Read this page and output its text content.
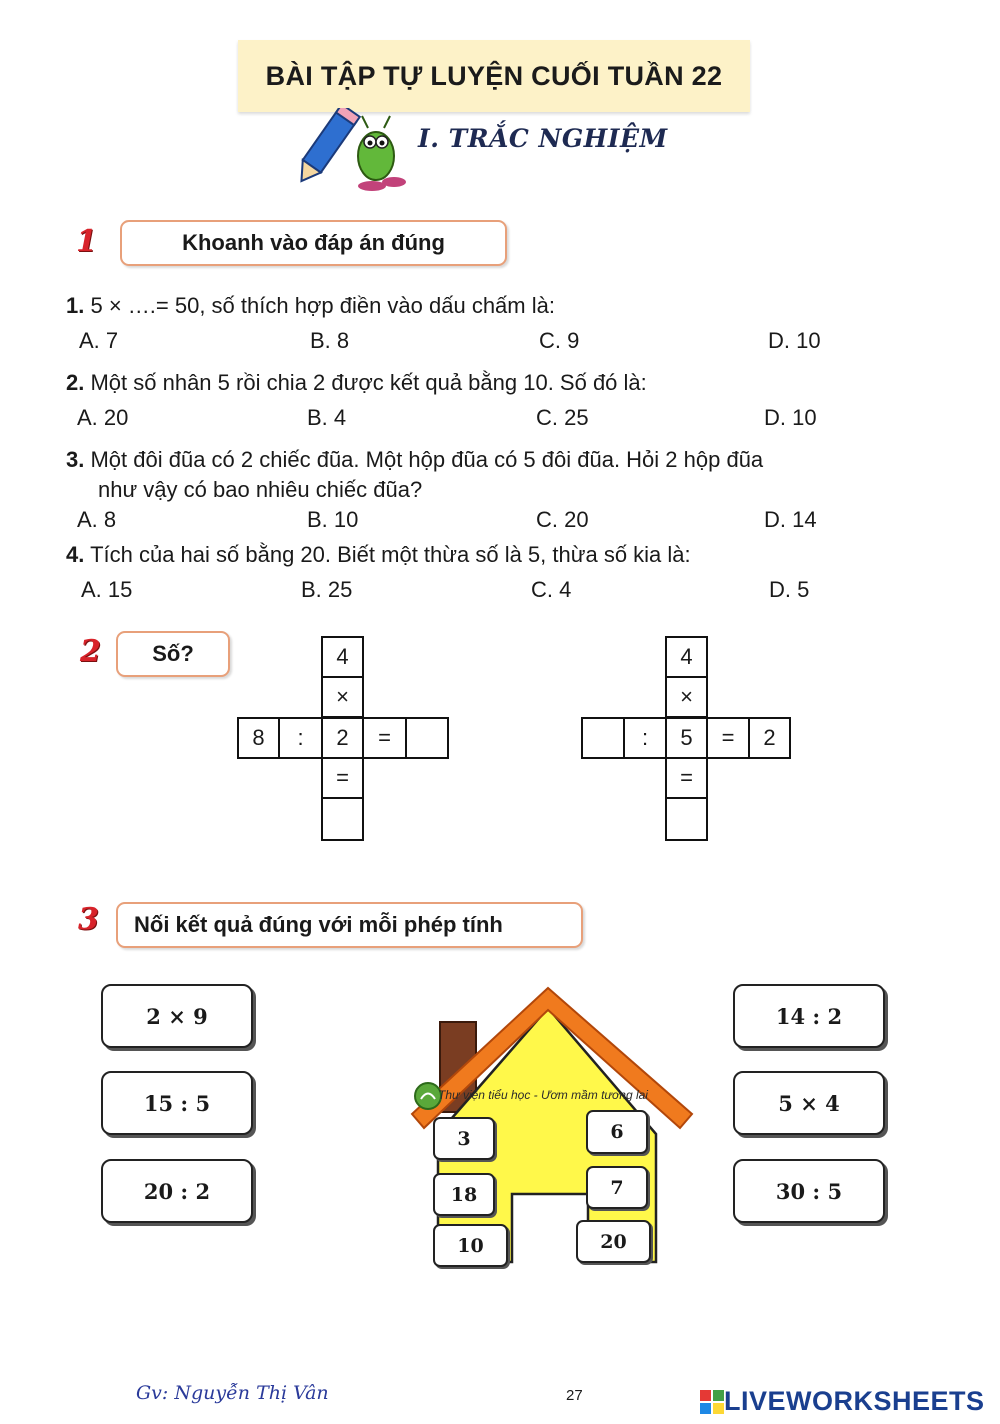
BÀI TẬP TỰ LUYỆN CUỐI TUẦN 22
I. TRẮC NGHIỆM
1	Khoanh vào đáp án đúng
1. 5 × ….= 50, số thích hợp điền vào dấu chấm là:
A. 7	B. 8	C. 9	D. 10
2. Một số nhân 5 rồi chia 2 được kết quả bằng 10. Số đó là:
A. 20	B. 4	C. 25	D. 10
3. Một đôi đũa có 2 chiếc đũa. Một hộp đũa có 5 đôi đũa. Hỏi 2 hộp đũa
như vậy có bao nhiêu chiếc đũa?
A. 8	B. 10	C. 20	D. 14
4. Tích của hai số bằng 20. Biết một thừa số là 5, thừa số kia là:
A. 15	B. 25	C. 4	D. 5
2	Số?	4
×
8	:	2	=
=
4
×
:	5	=	2
=
3	Nối kết quả đúng với mỗi phép tính
2 × 9
15 : 5
20 : 2
14 : 2
5 × 4
30 : 5
Thư viện tiểu học - Ươm mầm tương lai
3	6
18	7
10	20
Gv: Nguyễn Thị Vân	27	LIVEWORKSHEETS
